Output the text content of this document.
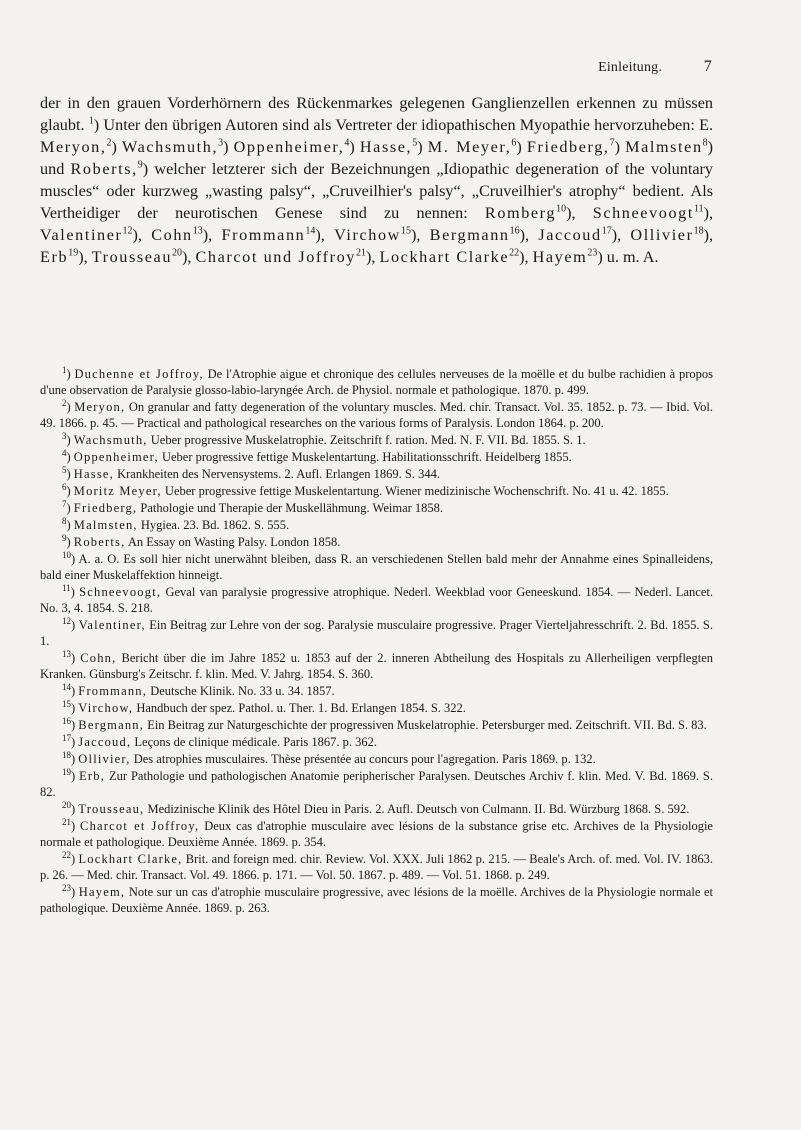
Einleitung.	7

der in den grauen Vorderhörnern des Rückenmarkes gelegenen Ganglienzellen erkennen zu müssen glaubt. $^1$) Unter den übrigen Autoren sind als Vertreter der idiopathischen Myopathie hervorzuheben: E. Meryon,$^2$) Wachsmuth,$^3$) Oppenheimer,$^4$) Hasse,$^5$) M. Meyer,$^6$) Friedberg,$^7$) Malmsten$^8$) und Roberts,$^9$) welcher letzterer sich der Bezeichnungen „Idiopathic degeneration of the voluntary muscles“ oder kurzweg „wasting palsy“, „Cruveilhier's palsy“, „Cruveilhier's atrophy“ bedient. Als Vertheidiger der neurotischen Genese sind zu nennen: Romberg$^{10}$), Schneevoogt$^{11}$), Valentiner$^{12}$), Cohn$^{13}$), Frommann$^{14}$), Virchow$^{15}$), Bergmann$^{16}$), Jaccoud$^{17}$), Ollivier$^{18}$), Erb$^{19}$), Trousseau$^{20}$), Charcot und Joffroy$^{21}$), Lockhart Clarke$^{22}$), Hayem$^{23}$) u. m. A.

$^1$) Duchenne et Joffroy, De l'Atrophie aigue et chronique des cellules nerveuses de la moëlle et du bulbe rachidien à propos d'une observation de Paralysie glosso-labio-laryngée Arch. de Physiol. normale et pathologique. 1870. p. 499.

$^2$) Meryon, On granular and fatty degeneration of the voluntary muscles. Med. chir. Transact. Vol. 35. 1852. p. 73. — Ibid. Vol. 49. 1866. p. 45. — Practical and pathological researches on the various forms of Paralysis. London 1864. p. 200.

$^3$) Wachsmuth, Ueber progressive Muskelatrophie. Zeitschrift f. ration. Med. N. F. VII. Bd. 1855. S. 1.

$^4$) Oppenheimer, Ueber progressive fettige Muskelentartung. Habilitationsschrift. Heidelberg 1855.

$^5$) Hasse, Krankheiten des Nervensystems. 2. Aufl. Erlangen 1869. S. 344.

$^6$) Moritz Meyer, Ueber progressive fettige Muskelentartung. Wiener medizinische Wochenschrift. No. 41 u. 42. 1855.

$^7$) Friedberg, Pathologie und Therapie der Muskellähmung. Weimar 1858.

$^8$) Malmsten, Hygiea. 23. Bd. 1862. S. 555.

$^9$) Roberts, An Essay on Wasting Palsy. London 1858.

$^{10}$) A. a. O. Es soll hier nicht unerwähnt bleiben, dass R. an verschiedenen Stellen bald mehr der Annahme eines Spinalleidens, bald einer Muskelaffektion hinneigt.

$^{11}$) Schneevoogt, Geval van paralysie progressive atrophique. Nederl. Weekblad voor Geneeskund. 1854. — Nederl. Lancet. No. 3, 4. 1854. S. 218.

$^{12}$) Valentiner, Ein Beitrag zur Lehre von der sog. Paralysie musculaire progressive. Prager Vierteljahresschrift. 2. Bd. 1855. S. 1.

$^{13}$) Cohn, Bericht über die im Jahre 1852 u. 1853 auf der 2. inneren Abtheilung des Hospitals zu Allerheiligen verpflegten Kranken. Günsburg's Zeitschr. f. klin. Med. V. Jahrg. 1854. S. 360.

$^{14}$) Frommann, Deutsche Klinik. No. 33 u. 34. 1857.

$^{15}$) Virchow, Handbuch der spez. Pathol. u. Ther. 1. Bd. Erlangen 1854. S. 322.

$^{16}$) Bergmann, Ein Beitrag zur Naturgeschichte der progressiven Muskelatrophie. Petersburger med. Zeitschrift. VII. Bd. S. 83.

$^{17}$) Jaccoud, Leçons de clinique médicale. Paris 1867. p. 362.

$^{18}$) Ollivier, Des atrophies musculaires. Thèse présentée au concurs pour l'agregation. Paris 1869. p. 132.

$^{19}$) Erb, Zur Pathologie und pathologischen Anatomie peripherischer Paralysen. Deutsches Archiv f. klin. Med. V. Bd. 1869. S. 82.

$^{20}$) Trousseau, Medizinische Klinik des Hôtel Dieu in Paris. 2. Aufl. Deutsch von Culmann. II. Bd. Würzburg 1868. S. 592.

$^{21}$) Charcot et Joffroy, Deux cas d'atrophie musculaire avec lésions de la substance grise etc. Archives de la Physiologie normale et pathologique. Deuxième Année. 1869. p. 354.

$^{22}$) Lockhart Clarke, Brit. and foreign med. chir. Review. Vol. XXX. Juli 1862 p. 215. — Beale's Arch. of. med. Vol. IV. 1863. p. 26. — Med. chir. Transact. Vol. 49. 1866. p. 171. — Vol. 50. 1867. p. 489. — Vol. 51. 1868. p. 249.

$^{23}$) Hayem, Note sur un cas d'atrophie musculaire progressive, avec lésions de la moëlle. Archives de la Physiologie normale et pathologique. Deuxième Année. 1869. p. 263.
